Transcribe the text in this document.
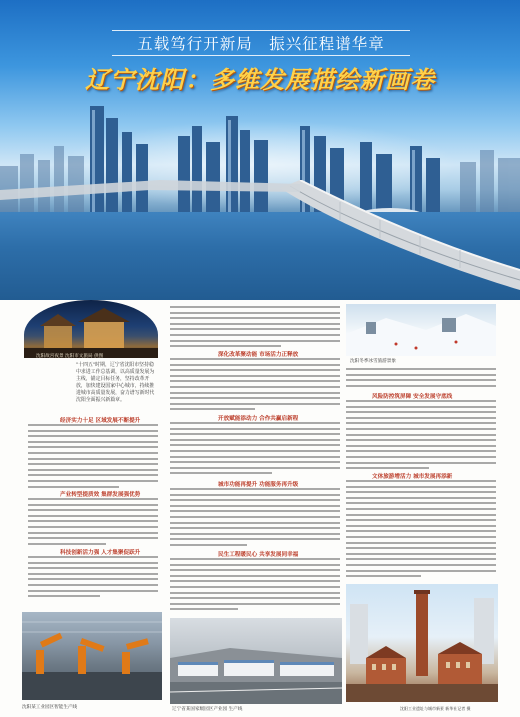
五载笃行开新局　振兴征程谱华章
辽宁沈阳：多维发展描绘新画卷
沈阳故宫夜景 沈阳市文旅局 供图
"十四五"时期，辽宁省沈阳市坚持稳中求进工作总基调，以高质量发展为主线，锚定目标任务，坚持改革开放，加快建设国家中心城市，持续推进城市高质量发展，奋力谱写新时代沈阳全面振兴新篇章。
经济实力十足 区域发展不断提升
产业转型提质效 集群发展强优势
科技创新活力强 人才集聚促跃升
沈阳某工业园区智能生产线
深化改革聚动能 市场活力正释放
开放赋能添动力 合作共赢启新程
城市功能再提升 功能服务再升级
民生工程暖民心 共享发展同幸福
辽宁省某国家级园区产业园 生产线
沈阳冬季冰雪旅游景象
风险防控筑屏障 安全发展守底线
文体旅游增活力 城市发展再添新
沈阳工业遗址与城市新景 新华社记者 摄
